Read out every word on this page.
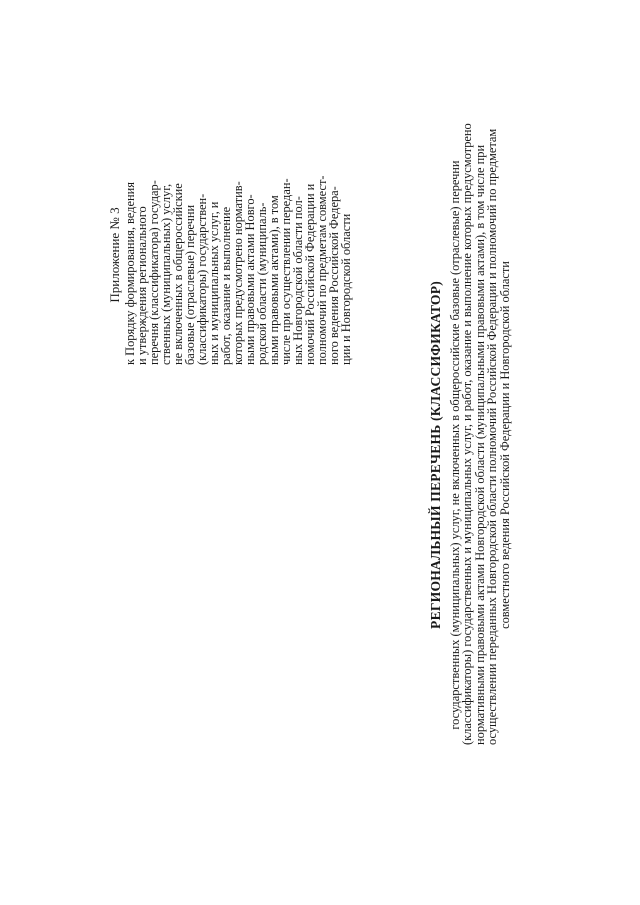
Приложение № 3 к Порядку формирования, ведения
и утверждения регионального
перечня (классификатора) государ-
ственных (муниципальных) услуг,
не включенных в общероссийские
базовые (отраслевые) перечни
(классификаторы) государствен-
ных и муниципальных услуг, и
работ, оказание и выполнение
которых предусмотрено норматив-
ными правовыми актами Новго-
родской области (муниципаль-
ными правовыми актами), в том
числе при осуществлении передан-
ных Новгородской области пол-
номочий Российской Федерации и
полномочий по предметам совмест-
ного ведения Российской Федера-
ции и Новгородской области	РЕГИОНАЛЬНЫЙ ПЕРЕЧЕНЬ (КЛАССИФИКАТОР) государственных (муниципальных) услуг, не включенных в общероссийские базовые (отраслевые) перечни
(классификаторы) государственных и муниципальных услуг, и работ, оказание и выполнение которых предусмотрено
нормативными правовыми актами Новгородской области (муниципальными правовыми актами), в том числе при
осуществлении переданных Новгородской области полномочий Российской Федерации и полномочий по предметам
совместного ведения Российской Федерации и Новгородской области
